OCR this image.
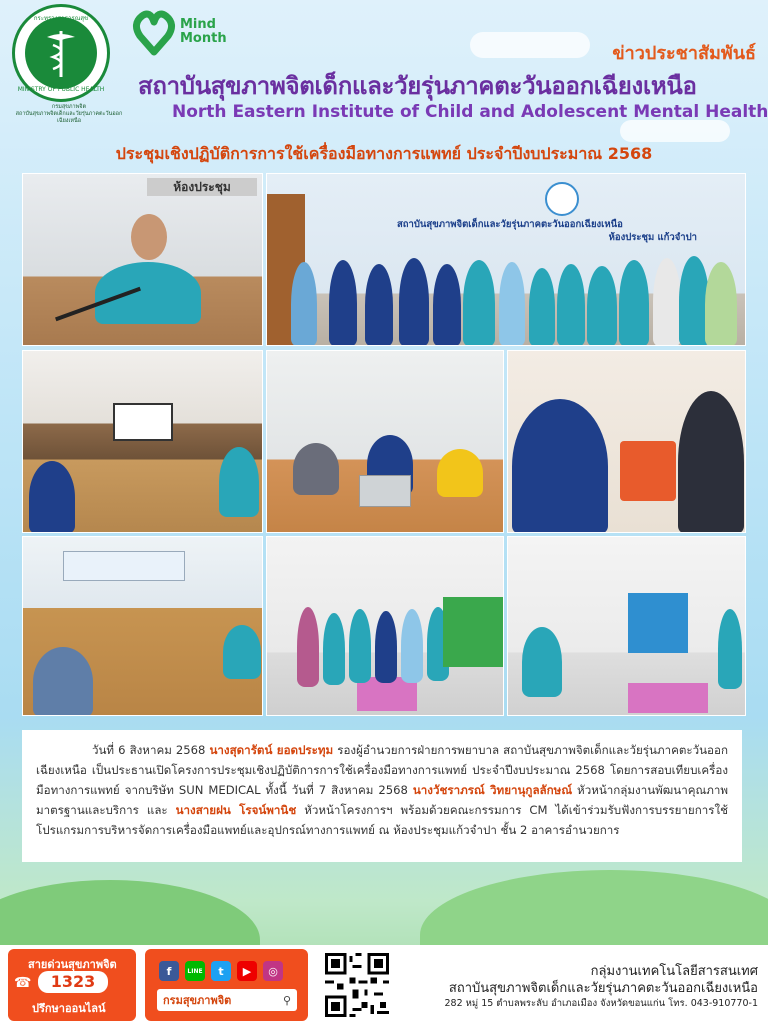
กระทรวงสาธารณสุข
MINISTRY OF PUBLIC HEALTH
กรมสุขภาพจิต
สถาบันสุขภาพจิตเด็กและวัยรุ่นภาคตะวันออกเฉียงเหนือ
Mind
Month
ข่าวประชาสัมพันธ์
สถาบันสุขภาพจิตเด็กและวัยรุ่นภาคตะวันออกเฉียงเหนือ
North Eastern Institute of Child and Adolescent Mental Health
ประชุมเชิงปฏิบัติการการใช้เครื่องมือทางการแพทย์ ประจำปีงบประมาณ 2568
ห้องประชุม
สถาบันสุขภาพจิตเด็กและวัยรุ่นภาคตะวันออกเฉียงเหนือ
ห้องประชุม แก้วจำปา
วันที่ 6 สิงหาคม 2568 นางสุดารัตน์ ยอดประทุม รองผู้อำนวยการฝ่ายการพยาบาล สถาบันสุขภาพจิตเด็กและวัยรุ่นภาคตะวันออกเฉียงเหนือ เป็นประธานเปิดโครงการประชุมเชิงปฏิบัติการการใช้เครื่องมือทางการแพทย์ ประจำปีงบประมาณ 2568 โดยการสอบเทียบเครื่องมือทางการแพทย์ จากบริษัท SUN MEDICAL ทั้งนี้ วันที่ 7 สิงหาคม 2568 นางวัชราภรณ์ วิทยานุกูลลักษณ์ หัวหน้ากลุ่มงานพัฒนาคุณภาพมาตรฐานและบริการ และ นางสายฝน โรจน์พานิช หัวหน้าโครงการฯ พร้อมด้วยคณะกรรมการ CM ได้เข้าร่วมรับฟังการบรรยายการใช้โปรแกรมการบริหารจัดการเครื่องมือแพทย์และอุปกรณ์ทางการแพทย์ ณ ห้องประชุมแก้วจำปา ชั้น 2 อาคารอำนวยการ
สายด่วนสุขภาพจิต
1323
ปรึกษาออนไลน์
☎
f	LINE	t	▶	◎
กรมสุขภาพจิต	⚲
กลุ่มงานเทคโนโลยีสารสนเทศ
สถาบันสุขภาพจิตเด็กและวัยรุ่นภาคตะวันออกเฉียงเหนือ
282 หมู่ 15 ตำบลพระลับ อำเภอเมือง จังหวัดขอนแก่น โทร. 043-910770-1
